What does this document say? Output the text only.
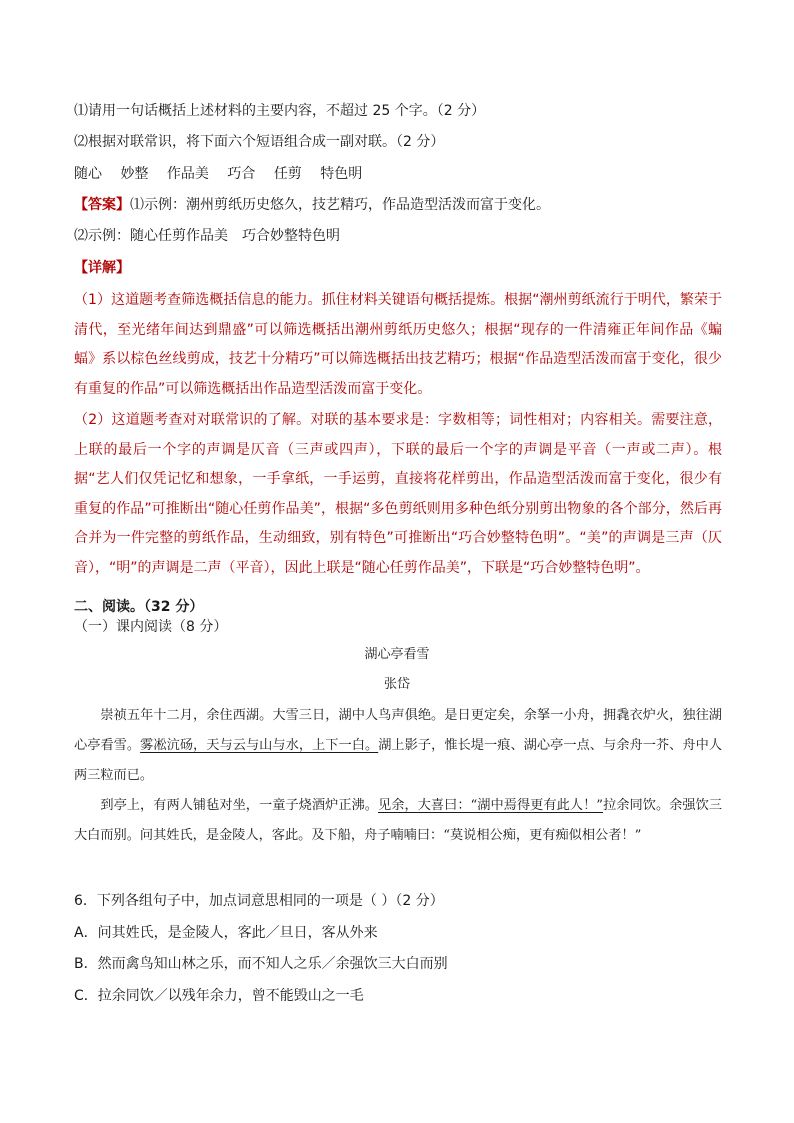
⑴请用一句话概括上述材料的主要内容，不超过 25 个字。（2 分）
⑵根据对联常识，将下面六个短语组合成一副对联。（2 分）
随心 妙整 作品美 巧合 任剪 特色明
【答案】⑴示例：潮州剪纸历史悠久，技艺精巧，作品造型活泼而富于变化。
⑵示例：随心任剪作品美　巧合妙整特色明
【详解】
（1）这道题考查筛选概括信息的能力。抓住材料关键语句概括提炼。根据“潮州剪纸流行于明代，繁荣于清代，至光绪年间达到鼎盛”可以筛选概括出潮州剪纸历史悠久；根据“现存的一件清雍正年间作品《蝙蝠》系以棕色丝线剪成，技艺十分精巧”可以筛选概括出技艺精巧；根据“作品造型活泼而富于变化，很少有重复的作品”可以筛选概括出作品造型活泼而富于变化。
（2）这道题考查对对联常识的了解。对联的基本要求是：字数相等；词性相对；内容相关。需要注意，上联的最后一个字的声调是仄音（三声或四声），下联的最后一个字的声调是平音（一声或二声）。根据“艺人们仅凭记忆和想象，一手拿纸，一手运剪，直接将花样剪出，作品造型活泼而富于变化，很少有重复的作品”可推断出“随心任剪作品美”，根据“多色剪纸则用多种色纸分别剪出物象的各个部分，然后再合并为一件完整的剪纸作品，生动细致，别有特色”可推断出“巧合妙整特色明”。“美”的声调是三声（仄音），“明”的声调是二声（平音），因此上联是“随心任剪作品美”，下联是“巧合妙整特色明”。
二、阅读。（32 分）
（一）课内阅读（8 分）
湖心亭看雪
张岱
崇祯五年十二月，余住西湖。大雪三日，湖中人鸟声俱绝。是日更定矣，余拏一小舟，拥毳衣炉火，独往湖心亭看雪。雾凇沆砀，天与云与山与水，上下一白。湖上影子，惟长堤一痕、湖心亭一点、与余舟一芥、舟中人两三粒而已。
到亭上，有两人铺毡对坐，一童子烧酒炉正沸。见余，大喜曰：“湖中焉得更有此人！”拉余同饮。余强饮三大白而别。问其姓氏，是金陵人，客此。及下船，舟子喃喃曰：“莫说相公痴，更有痴似相公者！”
6．下列各组句子中，加点词意思相同的一项是（ ）（2 分）
A．问其姓氏，是金陵人，客此／旦日，客从外来
B．然而禽鸟知山林之乐，而不知人之乐／余强饮三大白而别
C．拉余同饮／以残年余力，曾不能毁山之一毛
